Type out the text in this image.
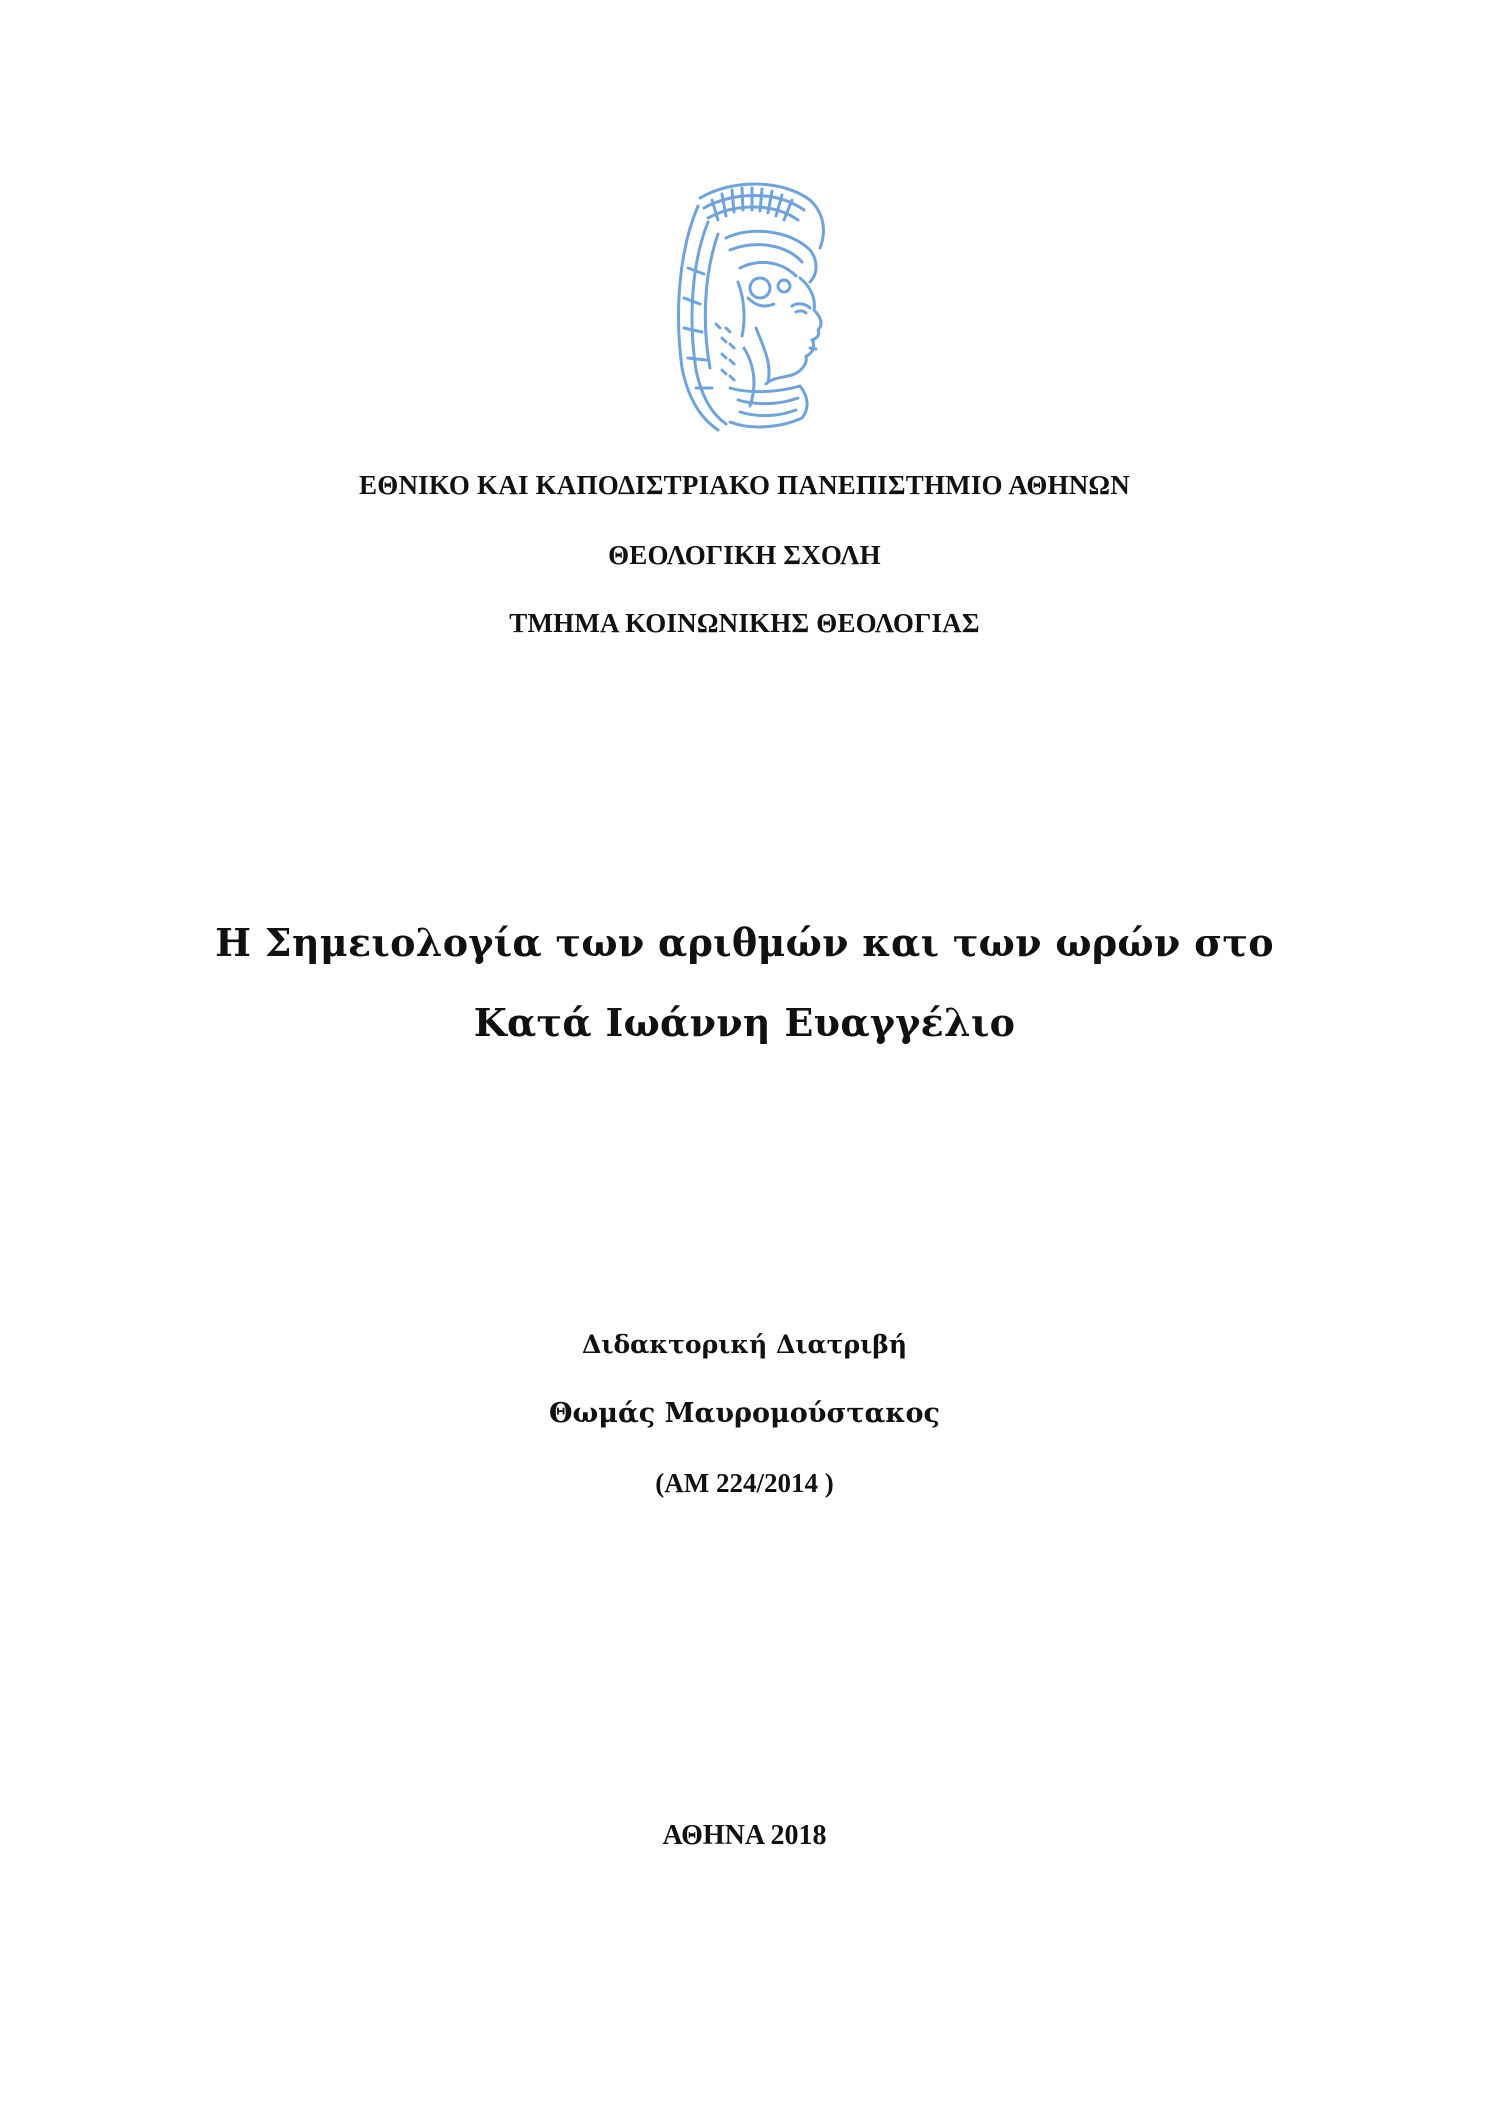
ΕΘΝΙΚΟ ΚΑΙ ΚΑΠΟΔΙΣΤΡΙΑΚΟ ΠΑΝΕΠΙΣΤΗΜΙΟ ΑΘΗΝΩΝ
ΘΕΟΛΟΓΙΚΗ ΣΧΟΛΗ
ΤΜΗΜΑ ΚΟΙΝΩΝΙΚΗΣ ΘΕΟΛΟΓΙΑΣ
Η Σημειολογία των αριθμών και των ωρών στο
Κατά Ιωάννη Ευαγγέλιο
Διδακτορική Διατριβή
Θωμάς Μαυρομούστακος
(ΑΜ 224/2014 )
ΑΘΗΝΑ 2018
